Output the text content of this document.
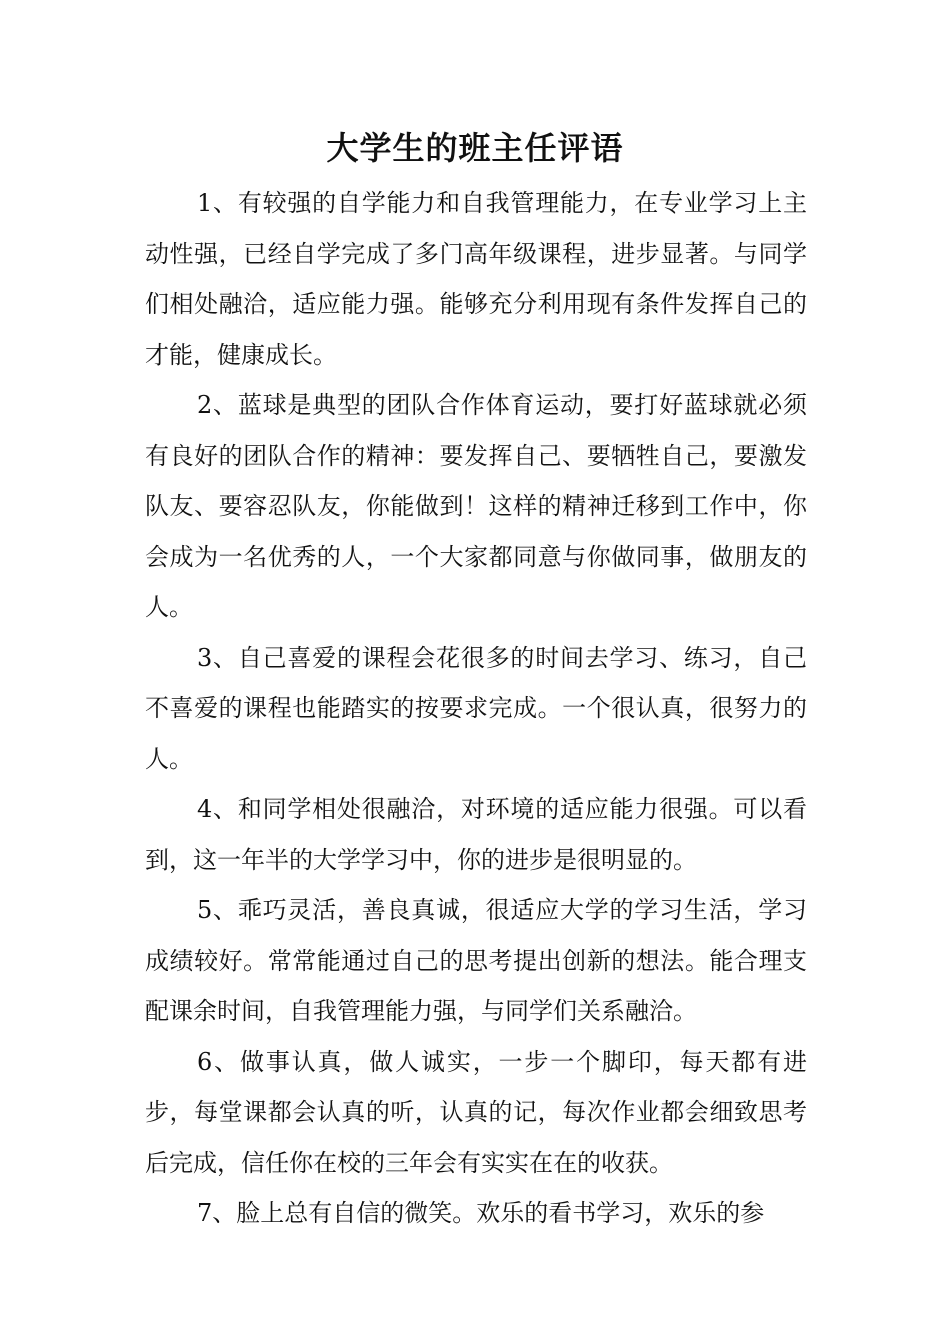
大学生的班主任评语

1、有较强的自学能力和自我管理能力，在专业学习上主动性强，已经自学完成了多门高年级课程，进步显著。与同学们相处融洽，适应能力强。能够充分利用现有条件发挥自己的才能，健康成长。

2、蓝球是典型的团队合作体育运动，要打好蓝球就必须有良好的团队合作的精神：要发挥自己、要牺牲自己，要激发队友、要容忍队友，你能做到！这样的精神迁移到工作中，你会成为一名优秀的人，一个大家都同意与你做同事，做朋友的人。

3、自己喜爱的课程会花很多的时间去学习、练习，自己不喜爱的课程也能踏实的按要求完成。一个很认真，很努力的人。

4、和同学相处很融洽，对环境的适应能力很强。可以看到，这一年半的大学学习中，你的进步是很明显的。

5、乖巧灵活，善良真诚，很适应大学的学习生活，学习成绩较好。常常能通过自己的思考提出创新的想法。能合理支配课余时间，自我管理能力强，与同学们关系融洽。

6、做事认真，做人诚实，一步一个脚印，每天都有进步，每堂课都会认真的听，认真的记，每次作业都会细致思考后完成，信任你在校的三年会有实实在在的收获。

7、脸上总有自信的微笑。欢乐的看书学习，欢乐的参
